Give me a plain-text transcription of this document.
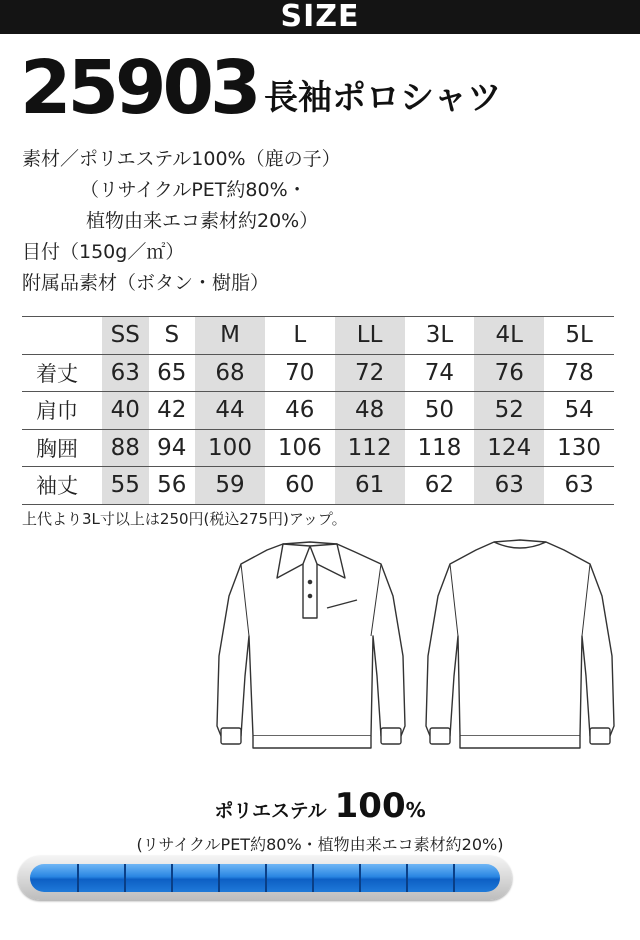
SIZE
25903 長袖ポロシャツ
素材／ポリエステル100%（鹿の子）
（リサイクルPET約80%・
植物由来エコ素材約20%）
目付（150g／㎡）
附属品素材（ボタン・樹脂）
	SS	S	M	L	LL	3L	4L	5L
着丈	63	65	68	70	72	74	76	78
肩巾	40	42	44	46	48	50	52	54
胸囲	88	94	100	106	112	118	124	130
袖丈	55	56	59	60	61	62	63	63
上代より3L寸以上は250円(税込275円)アップ。
ポリエステル 100%
(リサイクルPET約80%・植物由来エコ素材約20%)
